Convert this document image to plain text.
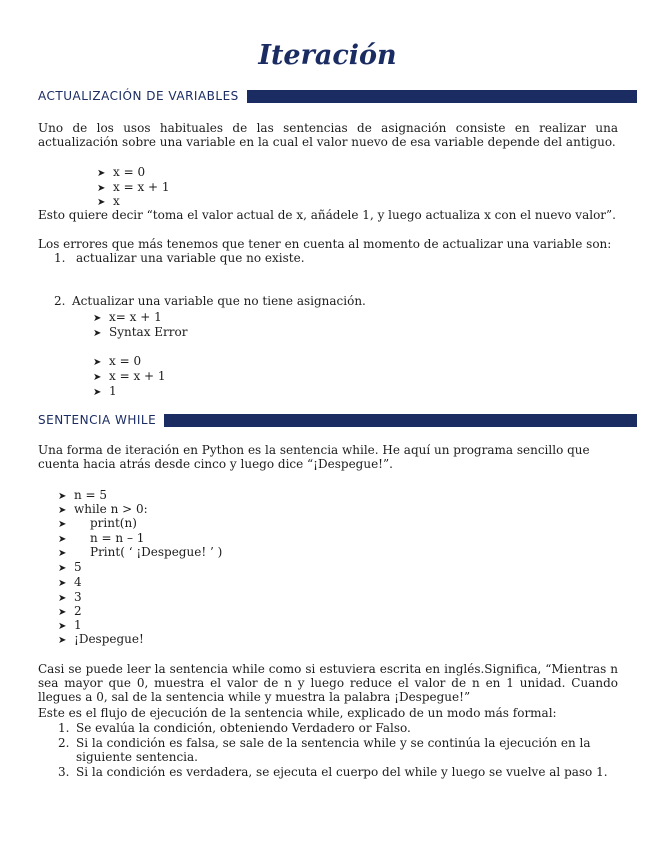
Iteración
ACTUALIZACIÓN DE VARIABLES
Uno de los usos habituales de las sentencias de asignación consiste en realizar una actualización sobre una variable en la cual el valor nuevo de esa variable depende del antiguo.
➤ x = 0
➤ x = x + 1
➤ x
Esto quiere decir “toma el valor actual de x, añádele 1, y luego actualiza x con el nuevo valor”.
Los errores que más tenemos que tener en cuenta al momento de actualizar una variable son:
1. actualizar una variable que no existe.
2. Actualizar una variable que no tiene asignación.
➤ x= x + 1
➤ Syntax Error
➤ x = 0
➤ x = x + 1
➤ 1
SENTENCIA WHILE
Una forma de iteración en Python es la sentencia while. He aquí un programa sencillo que cuenta hacia atrás desde cinco y luego dice “¡Despegue!”.
➤ n = 5
➤ while n > 0:
➤ print(n)
➤ n = n – 1
➤ Print( ‘ ¡Despegue! ’ )
➤ 5
➤ 4
➤ 3
➤ 2
➤ 1
➤ ¡Despegue!
Casi se puede leer la sentencia while como si estuviera escrita en inglés.Significa, “Mientras n sea mayor que 0, muestra el valor de n y luego reduce el valor de n en 1 unidad. Cuando llegues a 0, sal de la sentencia while y muestra la palabra ¡Despegue!”
Este es el flujo de ejecución de la sentencia while, explicado de un modo más formal:
1. Se evalúa la condición, obteniendo Verdadero or Falso.
2. Si la condición es falsa, se sale de la sentencia while y se continúa la ejecución en la siguiente sentencia.
3. Si la condición es verdadera, se ejecuta el cuerpo del while y luego se vuelve al paso 1.
